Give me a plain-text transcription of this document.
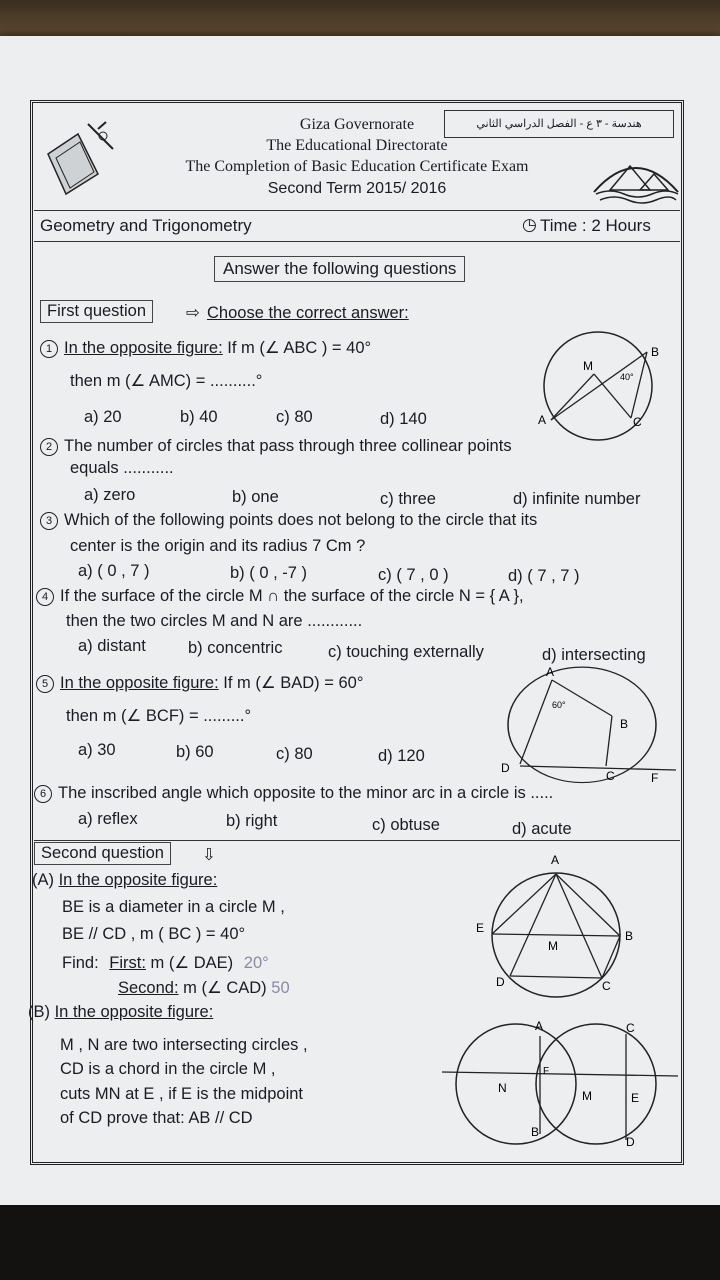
Giza Governorate
The Educational Directorate
The Completion of Basic Education Certificate Exam
Second Term 2015/ 2016
هندسة - ٣ ع - الفصل الدراسي الثاني
Geometry and Trigonometry	◷ Time : 2 Hours
Answer the following questions
First question	⇨ Choose the correct answer:
1 In the opposite figure: If m (∠ ABC ) = 40°
then m (∠ AMC) = ..........°
a) 20	b) 40	c) 80	d) 140
M
B
A	C
40°
2 The number of circles that pass through three collinear points
equals ...........
a) zero	b) one	c) three	d) infinite number
3 Which of the following points does not belong to the circle that its
center is the origin and its radius 7 Cm ?
a) ( 0 , 7 )	b) ( 0 , -7 )	c) ( 7 , 0 )	d) ( 7 , 7 )
4 If the surface of the circle M ∩ the surface of the circle N = { A },
then the two circles M and N are ............
a) distant	b) concentric	c) touching externally	d) intersecting
5 In the opposite figure: If m (∠ BAD) = 60°
then m (∠ BCF) = .........°
a) 30	b) 60	c) 80	d) 120
A
B
C
D
F
60°
6 The inscribed angle which opposite to the minor arc in a circle is .....
a) reflex	b) right	c) obtuse	d) acute
Second question	⇩
(A) In the opposite figure:
BE is a diameter in a circle M ,
BE // CD , m ( BC ) = 40°
Find: First: m (∠ DAE) 20°
Second: m (∠ CAD) 50
A
B
C
D
E
M
(B) In the opposite figure:
M , N are two intersecting circles ,
CD is a chord in the circle M ,
cuts MN at E , if E is the midpoint
of CD prove that: AB // CD
A
B
C
D
E
F
M
N
